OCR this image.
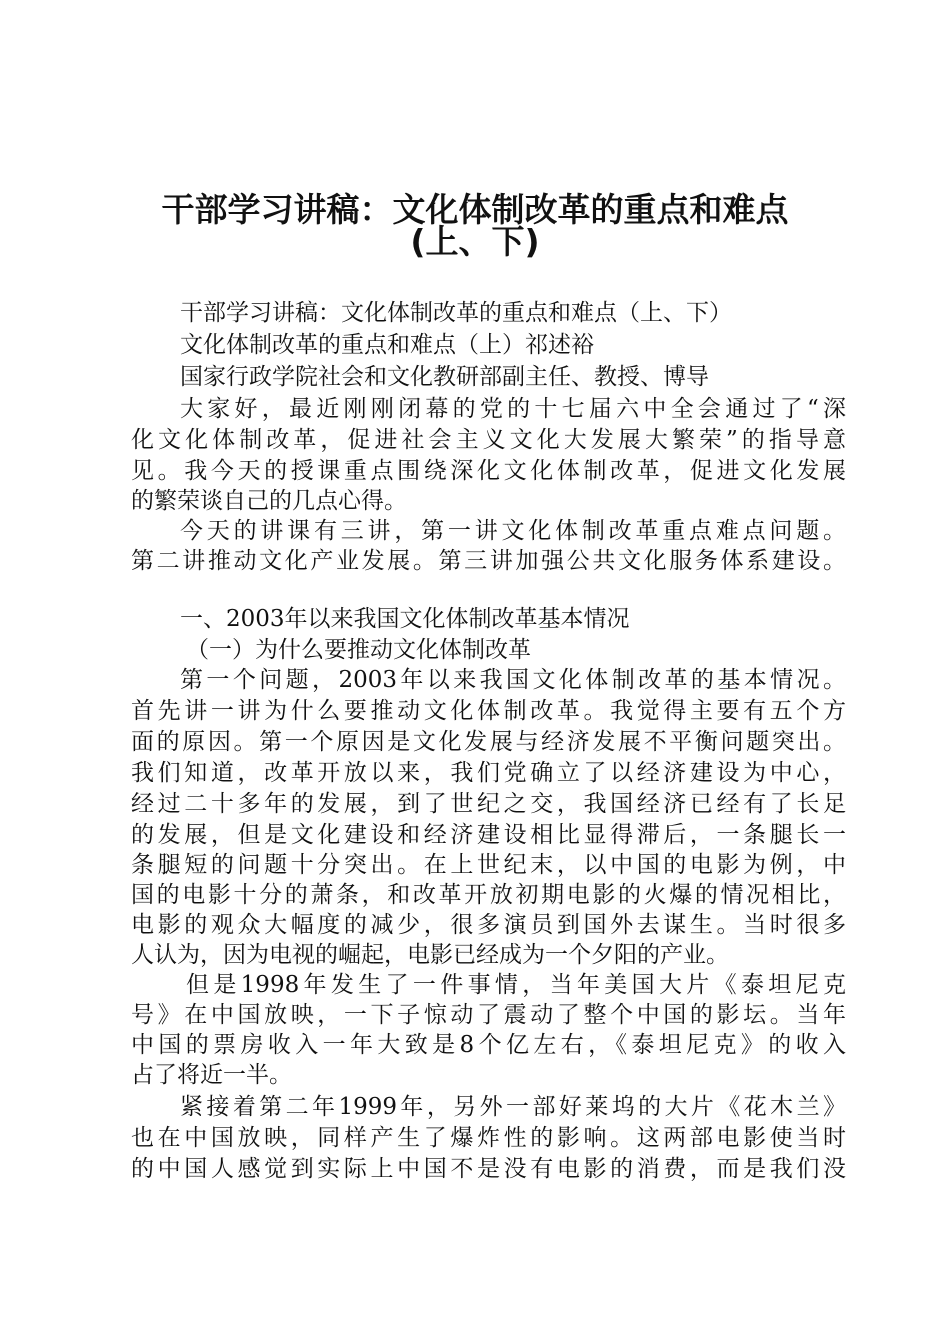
干部学习讲稿：文化体制改革的重点和难点
(上、下)
干部学习讲稿：文化体制改革的重点和难点（上、下）
文化体制改革的重点和难点（上）祁述裕
国家行政学院社会和文化教研部副主任、教授、博导
大家好，最近刚刚闭幕的党的十七届六中全会通过了“深
化文化体制改革，促进社会主义文化大发展大繁荣”的指导意
见。我今天的授课重点围绕深化文化体制改革，促进文化发展
的繁荣谈自己的几点心得。
今天的讲课有三讲，第一讲文化体制改革重点难点问题。
第二讲推动文化产业发展。第三讲加强公共文化服务体系建设。
一、2003年以来我国文化体制改革基本情况
（一）为什么要推动文化体制改革
第一个问题，2003年以来我国文化体制改革的基本情况。
首先讲一讲为什么要推动文化体制改革。我觉得主要有五个方
面的原因。第一个原因是文化发展与经济发展不平衡问题突出。
我们知道，改革开放以来，我们党确立了以经济建设为中心，
经过二十多年的发展，到了世纪之交，我国经济已经有了长足
的发展，但是文化建设和经济建设相比显得滞后，一条腿长一
条腿短的问题十分突出。在上世纪末，以中国的电影为例，中
国的电影十分的萧条，和改革开放初期电影的火爆的情况相比，
电影的观众大幅度的减少，很多演员到国外去谋生。当时很多
人认为，因为电视的崛起，电影已经成为一个夕阳的产业。
但是1998年发生了一件事情，当年美国大片《泰坦尼克
号》在中国放映，一下子惊动了震动了整个中国的影坛。当年
中国的票房收入一年大致是8个亿左右，《泰坦尼克》的收入
占了将近一半。
紧接着第二年1999年，另外一部好莱坞的大片《花木兰》
也在中国放映，同样产生了爆炸性的影响。这两部电影使当时
的中国人感觉到实际上中国不是没有电影的消费，而是我们没
